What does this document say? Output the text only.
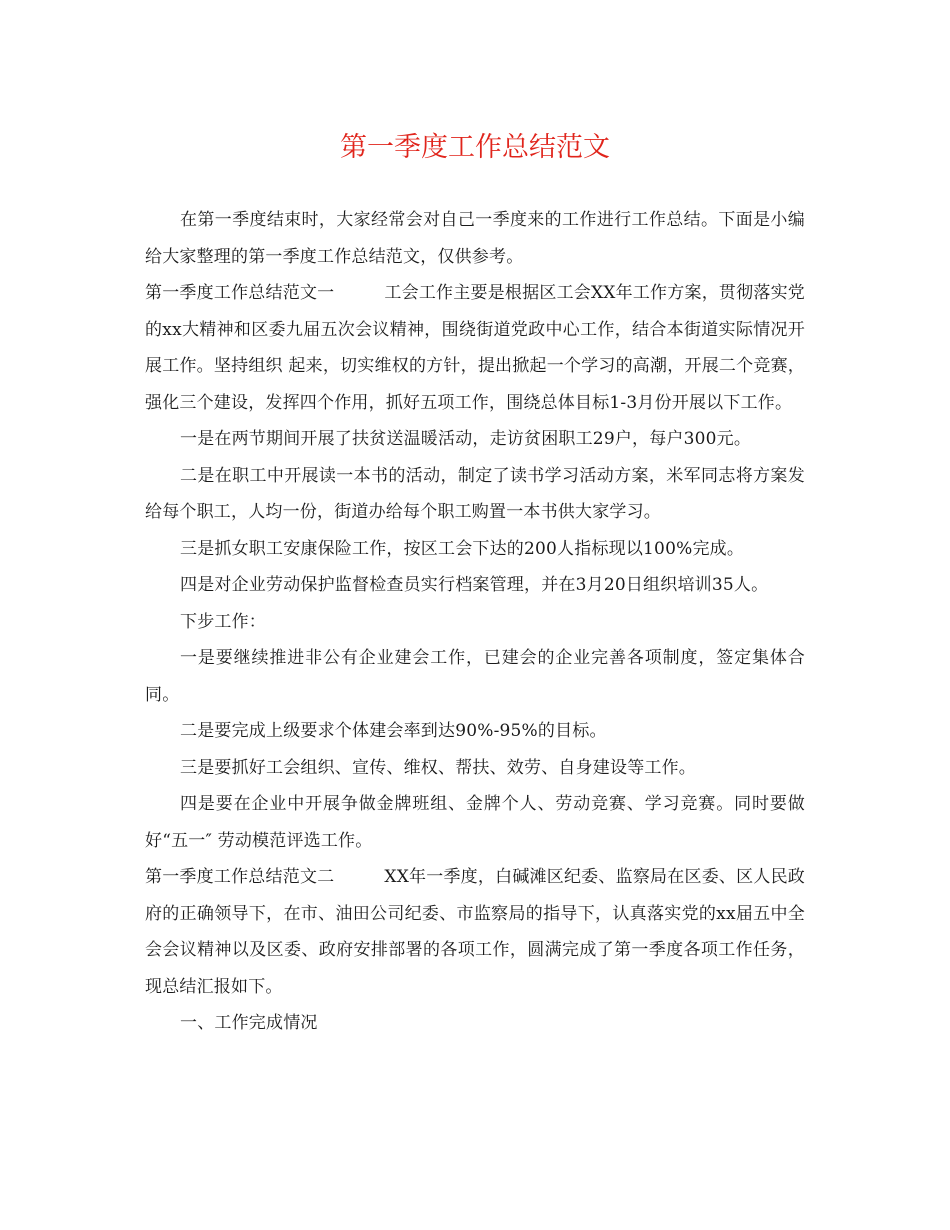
第一季度工作总结范文

在第一季度结束时，大家经常会对自己一季度来的工作进行工作总结。下面是小编给大家整理的第一季度工作总结范文，仅供参考。

第一季度工作总结范文一	工会工作主要是根据区工会XX年工作方案，贯彻落实党的xx大精神和区委九届五次会议精神，围绕街道党政中心工作，结合本街道实际情况开展工作。坚持组织 起来，切实维权的方针，提出掀起一个学习的高潮，开展二个竞赛，强化三个建设，发挥四个作用，抓好五项工作，围绕总体目标1-3月份开展以下工作。

一是在两节期间开展了扶贫送温暖活动，走访贫困职工29户，每户300元。

二是在职工中开展读一本书的活动，制定了读书学习活动方案，米军同志将方案发给每个职工，人均一份，街道办给每个职工购置一本书供大家学习。

三是抓女职工安康保险工作，按区工会下达的200人指标现以100%完成。

四是对企业劳动保护监督检查员实行档案管理，并在3月20日组织培训35人。

下步工作：

一是要继续推进非公有企业建会工作，已建会的企业完善各项制度，签定集体合同。

二是要完成上级要求个体建会率到达90%-95%的目标。

三是要抓好工会组织、宣传、维权、帮扶、效劳、自身建设等工作。

四是要在企业中开展争做金牌班组、金牌个人、劳动竞赛、学习竞赛。同时要做好“五一″ 劳动模范评选工作。

第一季度工作总结范文二	XX年一季度，白碱滩区纪委、监察局在区委、区人民政府的正确领导下，在市、油田公司纪委、市监察局的指导下，认真落实党的xx届五中全会会议精神以及区委、政府安排部署的各项工作，圆满完成了第一季度各项工作任务，现总结汇报如下。

一、工作完成情况
